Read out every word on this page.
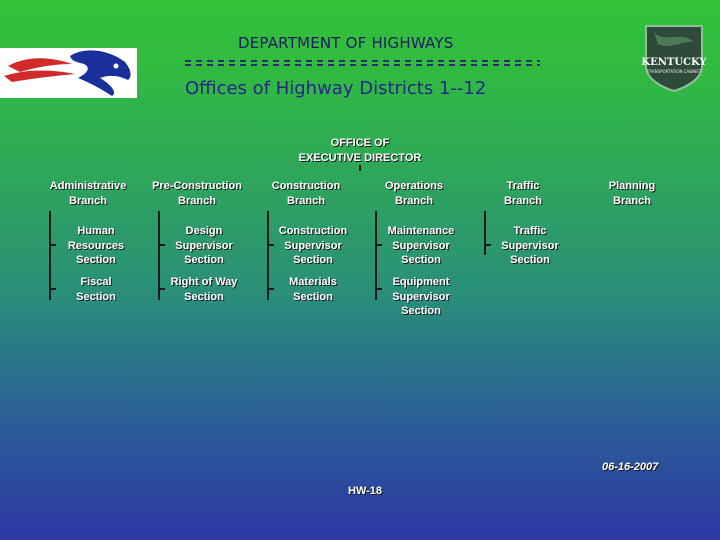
KENTUCKY
TRANSPORTATION CABINET
DEPARTMENT OF HIGHWAYS
Offices of Highway Districts 1--12
OFFICE OF
EXECUTIVE DIRECTOR
Administrative
Branch
Pre-Construction
Branch
Construction
Branch
Operations
Branch
Traffic
Branch
Planning
Branch
Human
Resources
Section
Fiscal
Section
Design
Supervisor
Section
Right of Way
Section
Construction
Supervisor
Section
Materials
Section
Maintenance
Supervisor
Section
Equipment
Supervisor
Section
Traffic
Supervisor
Section
06-16-2007
HW-18
